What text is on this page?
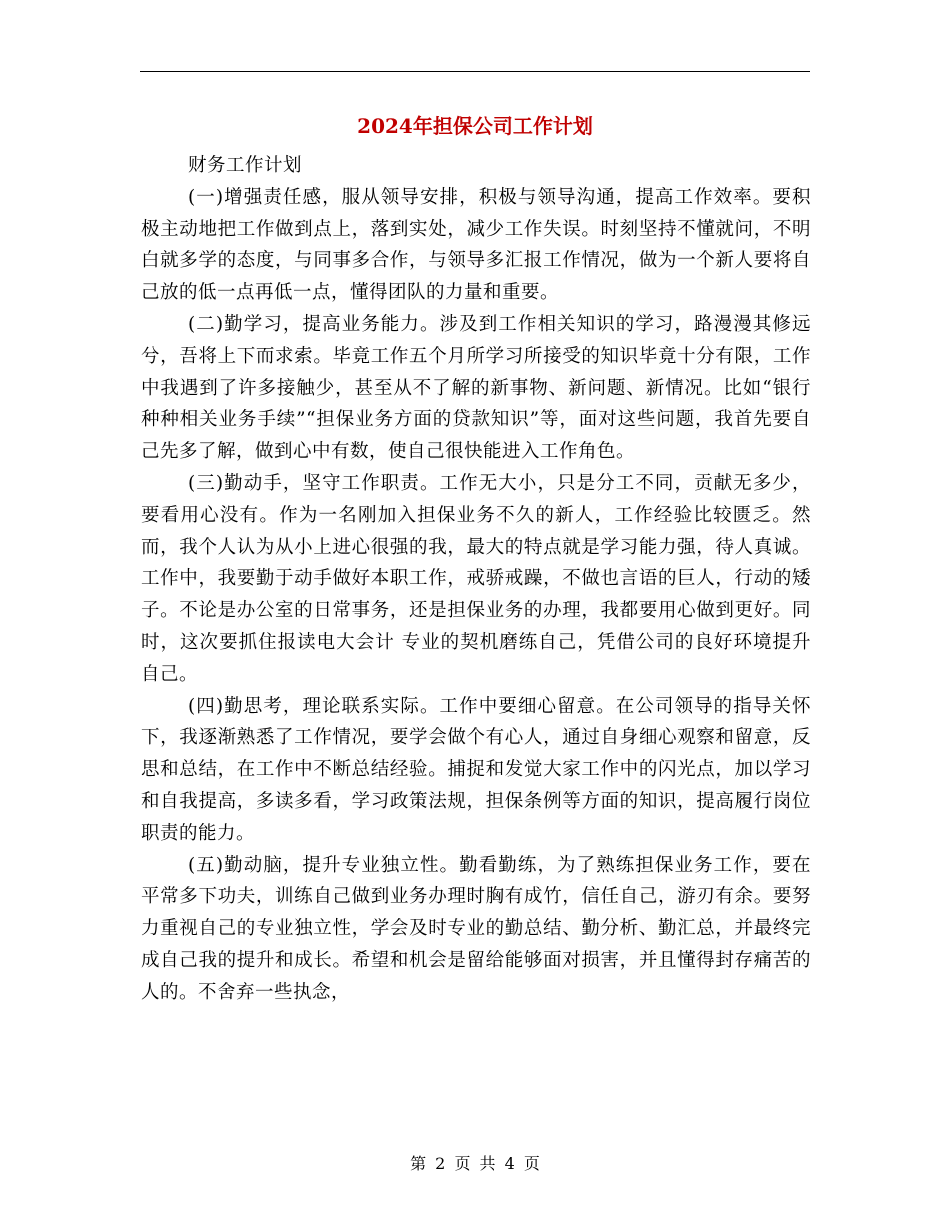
2024年担保公司工作计划

财务工作计划

(一)增强责任感，服从领导安排，积极与领导沟通，提高工作效率。要积极主动地把工作做到点上，落到实处，减少工作失误。时刻坚持不懂就问，不明白就多学的态度，与同事多合作，与领导多汇报工作情况，做为一个新人要将自己放的低一点再低一点，懂得团队的力量和重要。

(二)勤学习，提高业务能力。涉及到工作相关知识的学习，路漫漫其修远兮，吾将上下而求索。毕竟工作五个月所学习所接受的知识毕竟十分有限，工作中我遇到了许多接触少，甚至从不了解的新事物、新问题、新情况。比如“银行种种相关业务手续”“担保业务方面的贷款知识”等，面对这些问题，我首先要自己先多了解，做到心中有数，使自己很快能进入工作角色。

(三)勤动手，坚守工作职责。工作无大小，只是分工不同，贡献无多少，要看用心没有。作为一名刚加入担保业务不久的新人，工作经验比较匮乏。然而，我个人认为从小上进心很强的我，最大的特点就是学习能力强，待人真诚。工作中，我要勤于动手做好本职工作，戒骄戒躁，不做也言语的巨人，行动的矮子。不论是办公室的日常事务，还是担保业务的办理，我都要用心做到更好。同时，这次要抓住报读电大会计 专业的契机磨练自己，凭借公司的良好环境提升自己。

(四)勤思考，理论联系实际。工作中要细心留意。在公司领导的指导关怀下，我逐渐熟悉了工作情况，要学会做个有心人，通过自身细心观察和留意，反思和总结，在工作中不断总结经验。捕捉和发觉大家工作中的闪光点，加以学习和自我提高，多读多看，学习政策法规，担保条例等方面的知识，提高履行岗位职责的能力。

(五)勤动脑，提升专业独立性。勤看勤练，为了熟练担保业务工作，要在平常多下功夫，训练自己做到业务办理时胸有成竹，信任自己，游刃有余。要努力重视自己的专业独立性，学会及时专业的勤总结、勤分析、勤汇总，并最终完成自己我的提升和成长。希望和机会是留给能够面对损害，并且懂得封存痛苦的人的。不舍弃一些执念，

第 2 页 共 4 页
